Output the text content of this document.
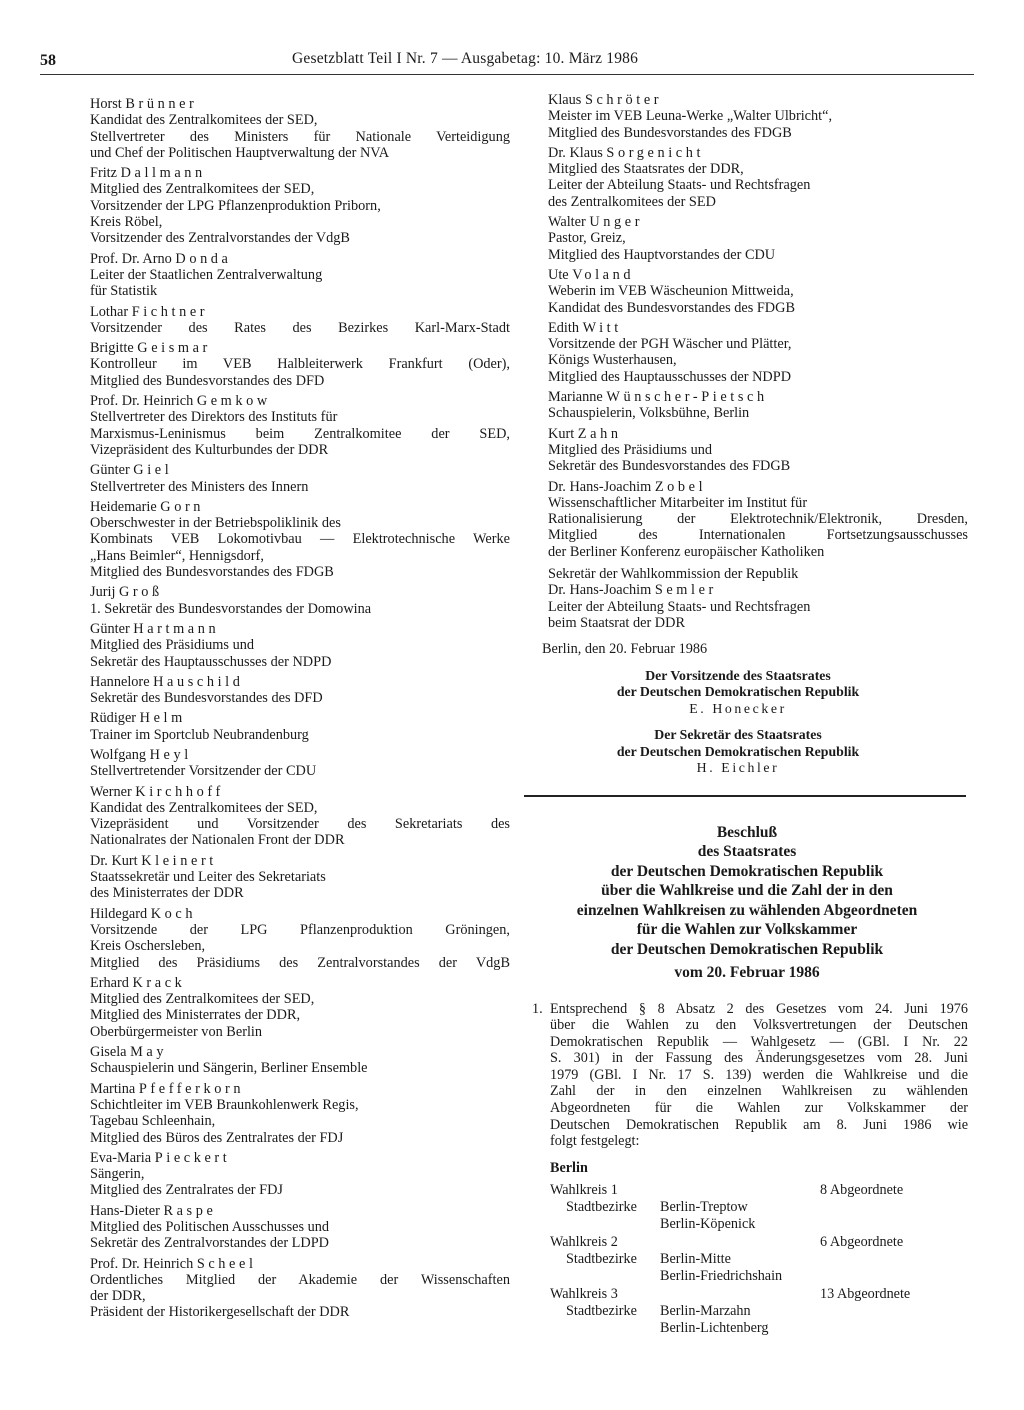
58	Gesetzblatt Teil I Nr. 7 — Ausgabetag: 10. März 1986
Horst Brünner
Kandidat des Zentralkomitees der SED,
Stellvertreter des Ministers für Nationale Verteidigung
und Chef der Politischen Hauptverwaltung der NVA
Fritz Dallmann
Mitglied des Zentralkomitees der SED,
Vorsitzender der LPG Pflanzenproduktion Priborn,
Kreis Röbel,
Vorsitzender des Zentralvorstandes der VdgB
Prof. Dr. Arno Donda
Leiter der Staatlichen Zentralverwaltung
für Statistik
Lothar Fichtner
Vorsitzender des Rates des Bezirkes Karl-Marx-Stadt
Brigitte Geismar
Kontrolleur im VEB Halbleiterwerk Frankfurt (Oder),
Mitglied des Bundesvorstandes des DFD
Prof. Dr. Heinrich Gemkow
Stellvertreter des Direktors des Instituts für
Marxismus-Leninismus beim Zentralkomitee der SED,
Vizepräsident des Kulturbundes der DDR
Günter Giel
Stellvertreter des Ministers des Innern
Heidemarie Gorn
Oberschwester in der Betriebspoliklinik des
Kombinats VEB Lokomotivbau — Elektrotechnische Werke
„Hans Beimler“, Hennigsdorf,
Mitglied des Bundesvorstandes des FDGB
Jurij Groß
1. Sekretär des Bundesvorstandes der Domowina
Günter Hartmann
Mitglied des Präsidiums und
Sekretär des Hauptausschusses der NDPD
Hannelore Hauschild
Sekretär des Bundesvorstandes des DFD
Rüdiger Helm
Trainer im Sportclub Neubrandenburg
Wolfgang Heyl
Stellvertretender Vorsitzender der CDU
Werner Kirchhoff
Kandidat des Zentralkomitees der SED,
Vizepräsident und Vorsitzender des Sekretariats des
Nationalrates der Nationalen Front der DDR
Dr. Kurt Kleinert
Staatssekretär und Leiter des Sekretariats
des Ministerrates der DDR
Hildegard Koch
Vorsitzende der LPG Pflanzenproduktion Gröningen,
Kreis Oschersleben,
Mitglied des Präsidiums des Zentralvorstandes der VdgB
Erhard Krack
Mitglied des Zentralkomitees der SED,
Mitglied des Ministerrates der DDR,
Oberbürgermeister von Berlin
Gisela May
Schauspielerin und Sängerin, Berliner Ensemble
Martina Pfefferkorn
Schichtleiter im VEB Braunkohlenwerk Regis,
Tagebau Schleenhain,
Mitglied des Büros des Zentralrates der FDJ
Eva-Maria Pieckert
Sängerin,
Mitglied des Zentralrates der FDJ
Hans-Dieter Raspe
Mitglied des Politischen Ausschusses und
Sekretär des Zentralvorstandes der LDPD
Prof. Dr. Heinrich Scheel
Ordentliches Mitglied der Akademie der Wissenschaften
der DDR,
Präsident der Historikergesellschaft der DDR
Klaus Schröter
Meister im VEB Leuna-Werke „Walter Ulbricht“,
Mitglied des Bundesvorstandes des FDGB
Dr. Klaus Sorgenicht
Mitglied des Staatsrates der DDR,
Leiter der Abteilung Staats- und Rechtsfragen
des Zentralkomitees der SED
Walter Unger
Pastor, Greiz,
Mitglied des Hauptvorstandes der CDU
Ute Voland
Weberin im VEB Wäscheunion Mittweida,
Kandidat des Bundesvorstandes des FDGB
Edith Witt
Vorsitzende der PGH Wäscher und Plätter,
Königs Wusterhausen,
Mitglied des Hauptausschusses der NDPD
Marianne Wünscher-Pietsch
Schauspielerin, Volksbühne, Berlin
Kurt Zahn
Mitglied des Präsidiums und
Sekretär des Bundesvorstandes des FDGB
Dr. Hans-Joachim Zobel
Wissenschaftlicher Mitarbeiter im Institut für
Rationalisierung der Elektrotechnik/Elektronik, Dresden,
Mitglied des Internationalen Fortsetzungsausschusses
der Berliner Konferenz europäischer Katholiken
Sekretär der Wahlkommission der Republik
Dr. Hans-Joachim Semler
Leiter der Abteilung Staats- und Rechtsfragen
beim Staatsrat der DDR
Berlin, den 20. Februar 1986
Der Vorsitzende des Staatsrates
der Deutschen Demokratischen Republik
E. Honecker
Der Sekretär des Staatsrates
der Deutschen Demokratischen Republik
H. Eichler
Beschluß
des Staatsrates
der Deutschen Demokratischen Republik
über die Wahlkreise und die Zahl der in den
einzelnen Wahlkreisen zu wählenden Abgeordneten
für die Wahlen zur Volkskammer
der Deutschen Demokratischen Republik
vom 20. Februar 1986
1. Entsprechend § 8 Absatz 2 des Gesetzes vom 24. Juni 1976
über die Wahlen zu den Volksvertretungen der Deutschen
Demokratischen Republik — Wahlgesetz — (GBl. I Nr. 22
S. 301) in der Fassung des Änderungsgesetzes vom 28. Juni
1979 (GBl. I Nr. 17 S. 139) werden die Wahlkreise und die
Zahl der in den einzelnen Wahlkreisen zu wählenden
Abgeordneten für die Wahlen zur Volkskammer der
Deutschen Demokratischen Republik am 8. Juni 1986 wie
folgt festgelegt:
Berlin
Wahlkreis 1	8 Abgeordnete
Stadtbezirke Berlin-Treptow
Berlin-Köpenick
Wahlkreis 2	6 Abgeordnete
Stadtbezirke Berlin-Mitte
Berlin-Friedrichshain
Wahlkreis 3	13 Abgeordnete
Stadtbezirke Berlin-Marzahn
Berlin-Lichtenberg
